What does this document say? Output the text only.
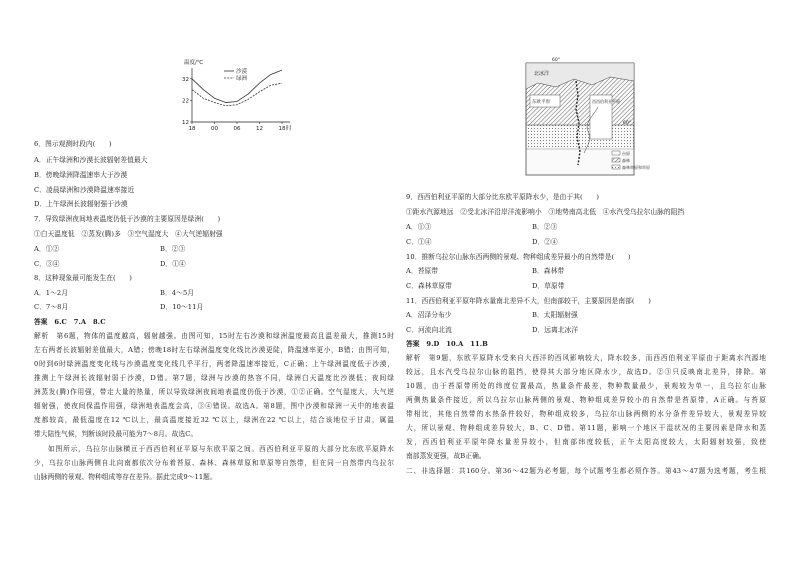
温度/℃
32
22
12
18	00	06	12	18 时
沙漠
绿洲
6．图示观测时段内(　　)
A．正午绿洲和沙漠长波辐射差值最大
B．傍晚绿洲降温速率大于沙漠
C．凌晨绿洲和沙漠降温速率接近
D．上午绿洲长波辐射强于沙漠
7．导致绿洲夜间地表温度仍低于沙漠的主要原因是绿洲(　　)
①白天温度低　②蒸发(腾)多　③空气湿度大　④大气逆辐射强
A．①②	B．②③
C．③④	D．①④
8．这种现象最可能发生在(　　)
A．1～2月	B．4～5月
C．7～8月	D．10～11月
答案　6.C　7.A　8.C
解析　第6题，物体的温度越高，辐射越强。由图可知，15时左右沙漠和绿洲温度最高且温差最大，推测15时
左右两者长波辐射差值最大，A错；傍晚18时左右绿洲温度变化线比沙漠更陡，降温速率更小，B错；由图可知，
0时到6时绿洲温度变化线与沙漠温度变化线几乎平行，两者降温速率接近，C正确；上午绿洲温度低于沙漠，
推测上午绿洲长波辐射弱于沙漠，D错。第7题，绿洲与沙漠的热容不同，绿洲白天温度比沙漠低；夜间绿
洲蒸发(腾)作用强，带走大量的热量，所以导致绿洲夜间地表温度仍低于沙漠，①②正确。空气湿度大，大气逆
辐射强，使夜间保温作用强，绿洲地表温度会高，③④错误。故选A。第8题，图中沙漠和绿洲一天中的地表温
度都较高，最低温度在12 ℃以上，最高温度接近32 ℃以上，绿洲在22 ℃以上，结合该地位于甘肃，属温
带大陆性气候，判断该时段最可能为7～8月。故选C。
如图所示，乌拉尔山脉横亘于西西伯利亚平原与东欧平原之间。西西伯利亚平原的大部分比东欧平原降水
少，乌拉尔山脉两侧自北向南都依次分布着苔原、森林、森林草原和草原等自然带，但在同一自然带内乌拉尔
山脉两侧的景观、物种组成等存在差异。据此完成9～11题。
台原
森林
森林草原和草原
60°
60°
北冰洋
东欧平原	西西伯利亚平原
9．西西伯利亚平原的大部分比东欧平原降水少，是由于其(　　)
①距水汽源地远　②受北冰洋沿岸洋流影响小　③地势南高北低　④水汽受乌拉尔山脉的阻挡
A．①③	B．②③
C．①④	D．②④
10．推断乌拉尔山脉东西两侧的景观、物种组成差异最小的自然带是(　　)
A．苔原带	B．森林带
C．森林草原带	D．草原带
11．西西伯利亚平原年降水量南北差异不大，但南部较干，主要原因是南部(　　)
A．沼泽分布少	B．太阳辐射强
C．河流向北流	D．远离北冰洋
答案　9.D　10.A　11.B
解析　第9题，东欧平原降水受来自大西洋的西风影响较大，降水较多，而西西伯利亚平原由于距离水汽源地
较远，且水汽受乌拉尔山脉的阻挡，使得其大部分地区降水少，故选D。②③只反映南北差异，排除。第
10题，由于苔原带所处的纬度位置最高，热量条件最差，物种数量最少，景观较为单一，且乌拉尔山脉
两侧热量条件接近，所以乌拉尔山脉两侧的景观、物种组成差异较小的自然带是苔原带，A正确。与苔原
带相比，其他自然带的水热条件较好，物种组成较多，乌拉尔山脉两侧的水分条件差异较大，景观差异较
大，所以景观、物种组成差异较大，B、C、D错。第11题，影响一个地区干湿状况的主要因素是降水和蒸
发，西西伯利亚平原年降水量差异较小，但南部纬度较低，正午太阳高度较大，太阳辐射较强，致使
南部蒸发更强，故B正确。
二、非选择题：共160分。第36～42题为必考题，每个试题考生都必须作答。第43～47题为选考题，考生根
